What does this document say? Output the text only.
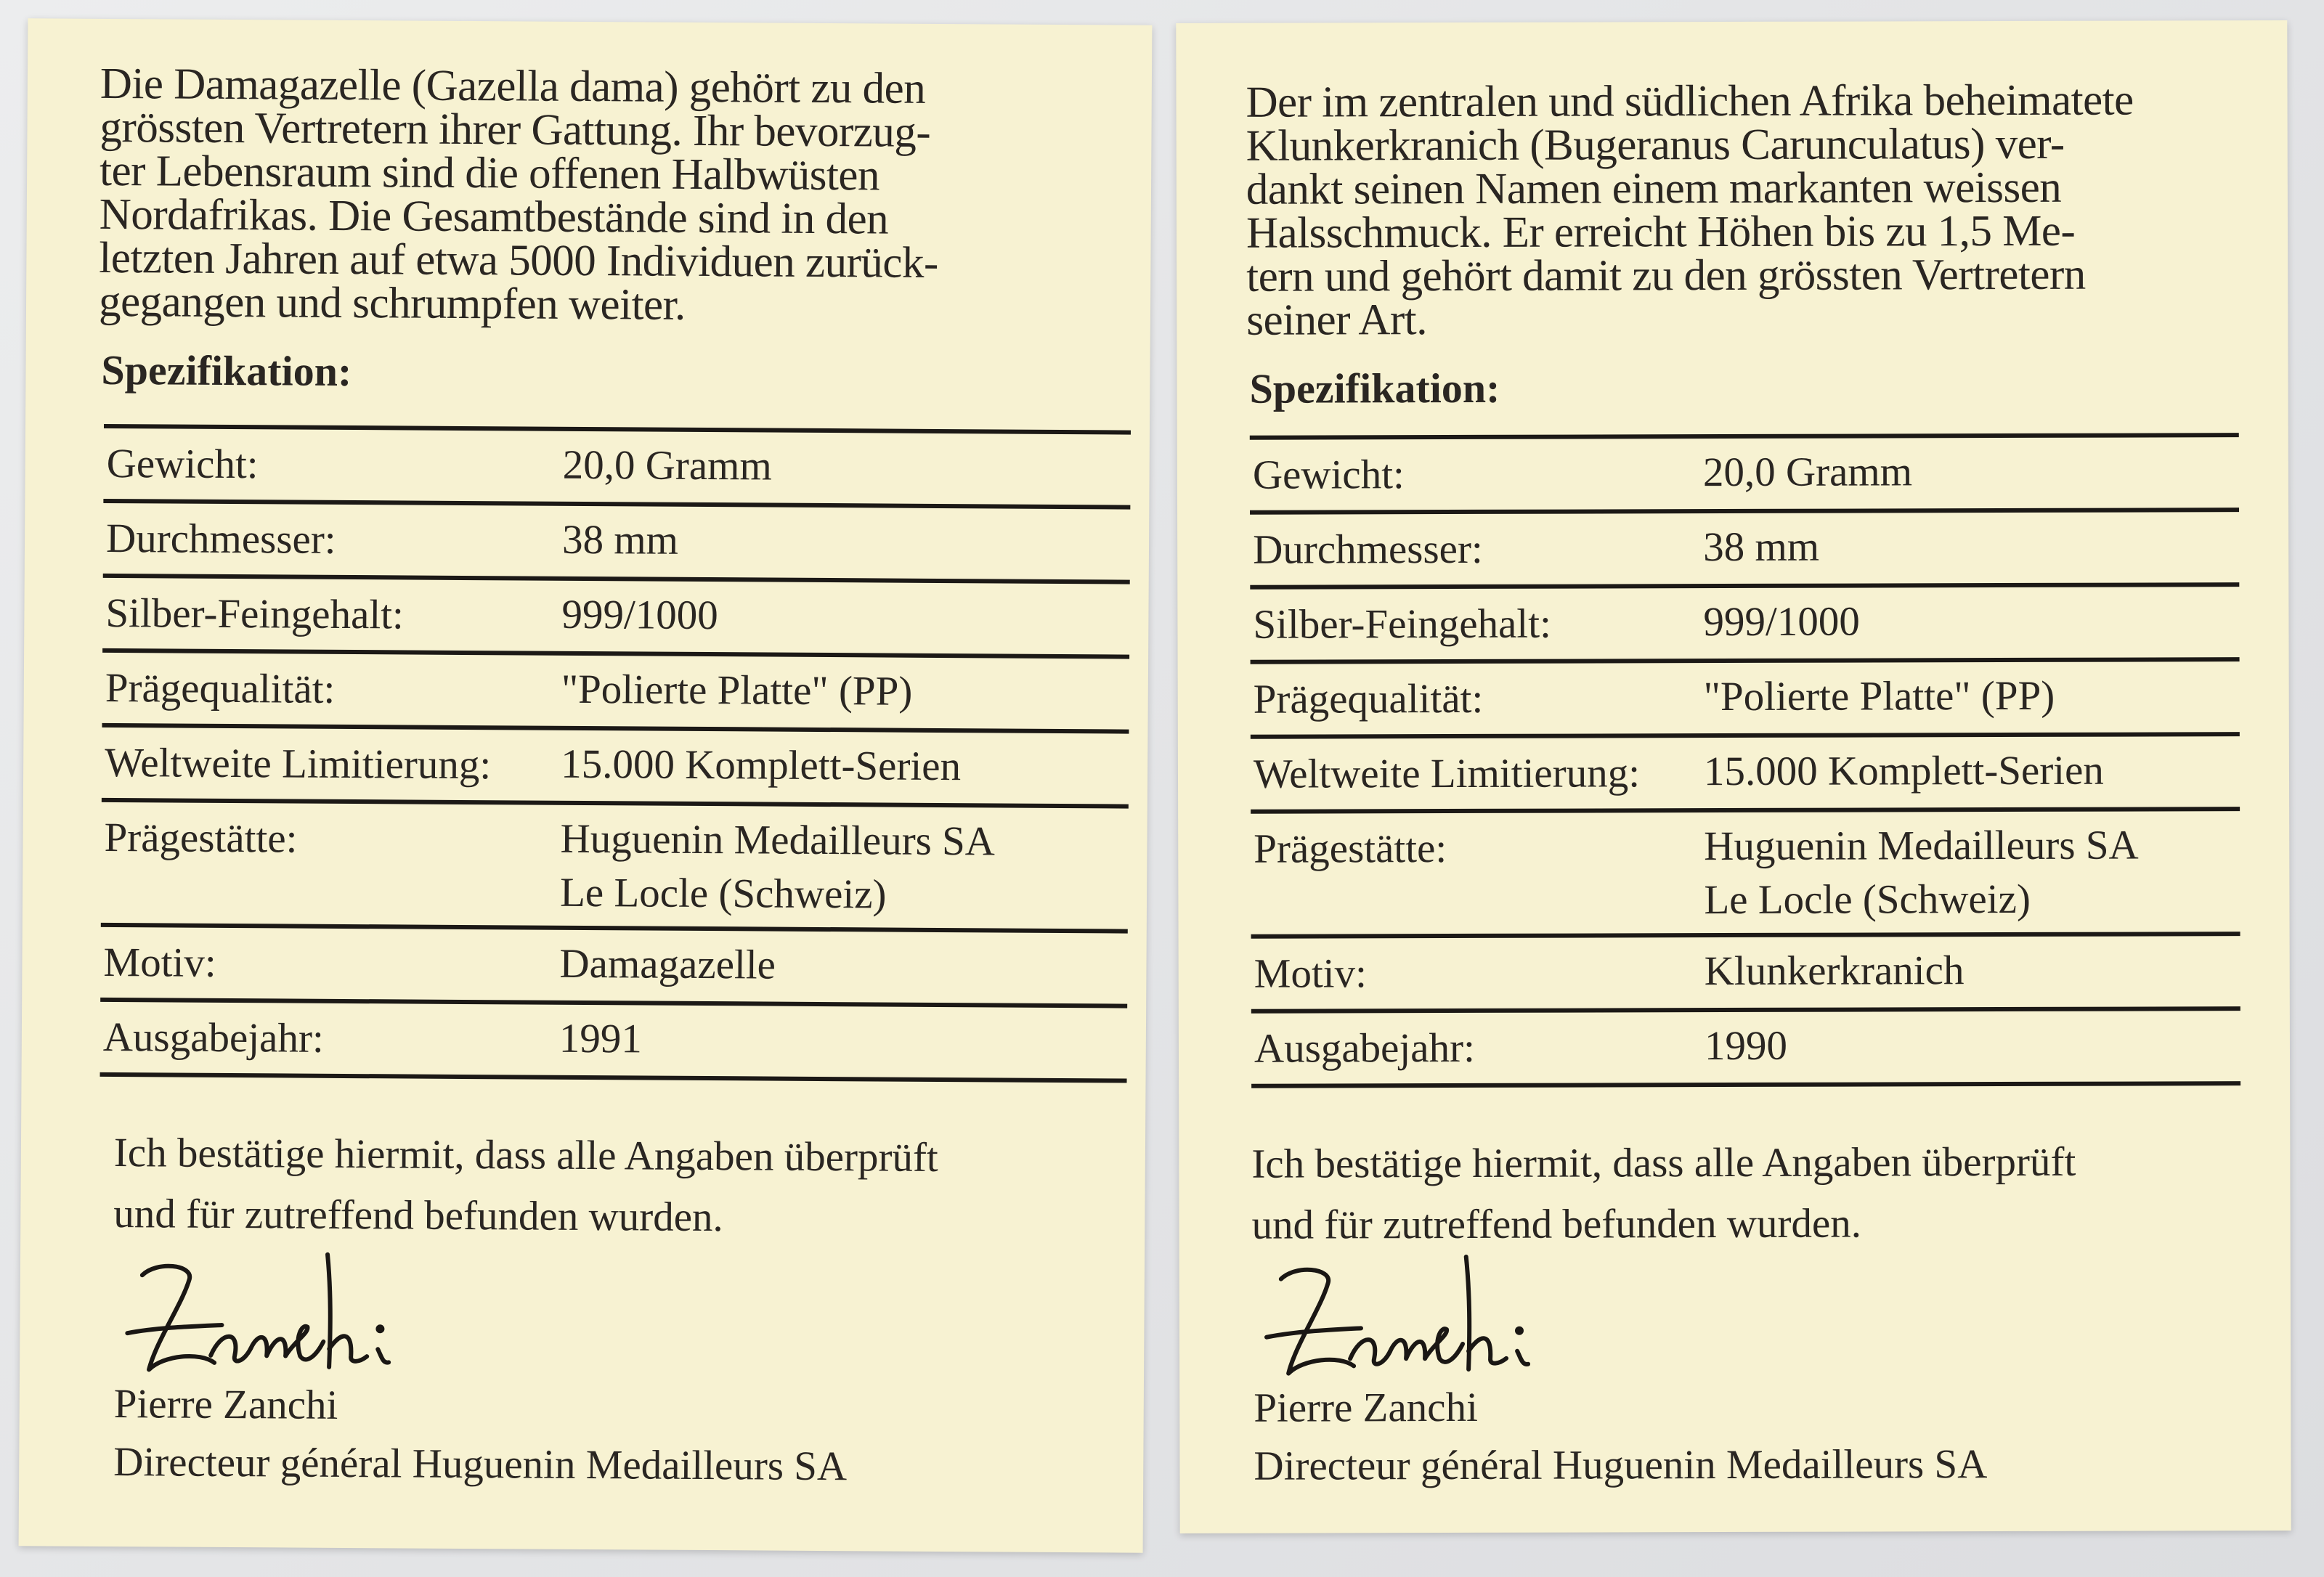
Die Damagazelle (Gazella dama) gehört zu den
grössten Vertretern ihrer Gattung. Ihr bevorzug-
ter Lebensraum sind die offenen Halbwüsten
Nordafrikas. Die Gesamtbestände sind in den
letzten Jahren auf etwa 5000 Individuen zurück-
gegangen und schrumpfen weiter.
Spezifikation:
Gewicht:	20,0 Gramm
Durchmesser:	38 mm
Silber-Feingehalt:	999/1000
Prägequalität:	"Polierte Platte" (PP)
Weltweite Limitierung: 15.000 Komplett-Serien
Prägestätte:	Huguenin Medailleurs SA
Le Locle (Schweiz)
Motiv:	Damagazelle
Ausgabejahr:	1991
Ich bestätige hiermit, dass alle Angaben überprüft
und für zutreffend befunden wurden.
Pierre Zanchi
Directeur général Huguenin Medailleurs SA
Der im zentralen und südlichen Afrika beheimatete
Klunkerkranich (Bugeranus Carunculatus) ver-
dankt seinen Namen einem markanten weissen
Halsschmuck. Er erreicht Höhen bis zu 1,5 Me-
tern und gehört damit zu den grössten Vertretern
seiner Art.
Spezifikation:
Gewicht:	20,0 Gramm
Durchmesser:	38 mm
Silber-Feingehalt:	999/1000
Prägequalität:	"Polierte Platte" (PP)
Weltweite Limitierung: 15.000 Komplett-Serien
Prägestätte:	Huguenin Medailleurs SA
Le Locle (Schweiz)
Motiv:	Klunkerkranich
Ausgabejahr:	1990
Ich bestätige hiermit, dass alle Angaben überprüft
und für zutreffend befunden wurden.
Pierre Zanchi
Directeur général Huguenin Medailleurs SA
